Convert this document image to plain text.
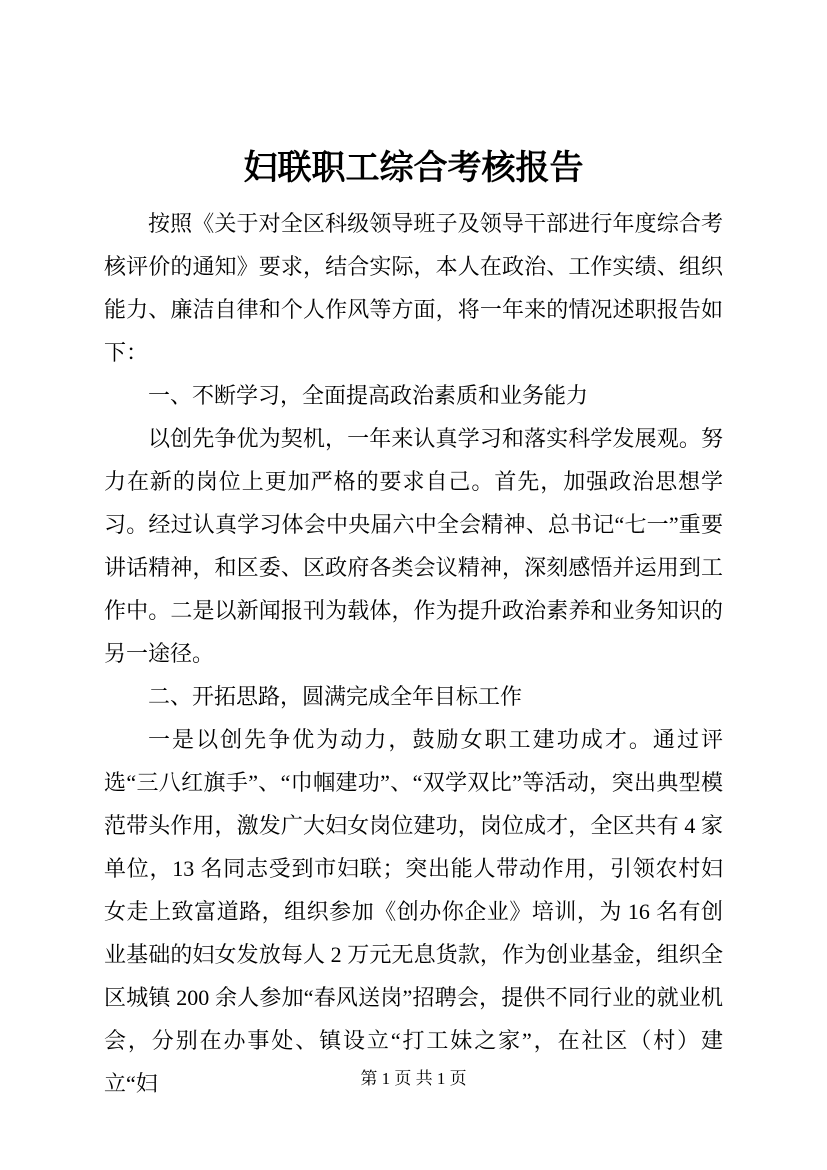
妇联职工综合考核报告

按照《关于对全区科级领导班子及领导干部进行年度综合考核评价的通知》要求，结合实际，本人在政治、工作实绩、组织能力、廉洁自律和个人作风等方面，将一年来的情况述职报告如下：

一、不断学习，全面提高政治素质和业务能力

以创先争优为契机，一年来认真学习和落实科学发展观。努力在新的岗位上更加严格的要求自己。首先，加强政治思想学习。经过认真学习体会中央届六中全会精神、总书记“七一”重要讲话精神，和区委、区政府各类会议精神，深刻感悟并运用到工作中。二是以新闻报刊为载体，作为提升政治素养和业务知识的另一途径。

二、开拓思路，圆满完成全年目标工作

一是以创先争优为动力，鼓励女职工建功成才。通过评选“三八红旗手”、“巾帼建功”、“双学双比”等活动，突出典型模范带头作用，激发广大妇女岗位建功，岗位成才，全区共有 4 家单位，13 名同志受到市妇联；突出能人带动作用，引领农村妇女走上致富道路，组织参加《创办你企业》培训，为 16 名有创业基础的妇女发放每人 2 万元无息货款，作为创业基金，组织全区城镇 200 余人参加“春风送岗”招聘会，提供不同行业的就业机会，分别在办事处、镇设立“打工妹之家”，在社区（村）建立“妇	第 1 页 共 1 页
